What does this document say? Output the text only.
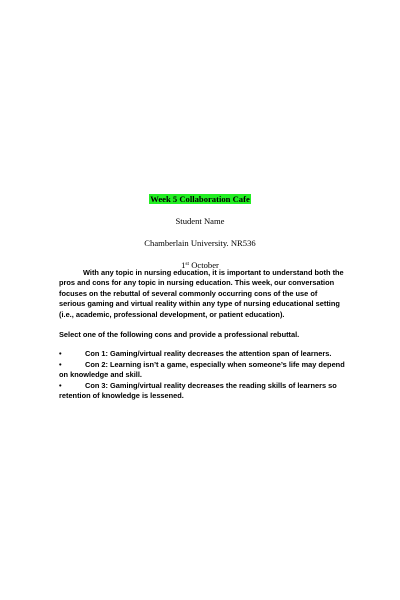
Week 5 Collaboration Cafe
Student Name
Chamberlain University. NR536
1st October

With any topic in nursing education, it is important to understand both the pros and cons for any topic in nursing education. This week, our conversation focuses on the rebuttal of several commonly occurring cons of the use of serious gaming and virtual reality within any type of nursing educational setting (i.e., academic, professional development, or patient education).

Select one of the following cons and provide a professional rebuttal.

•	Con 1: Gaming/virtual reality decreases the attention span of learners.
•	Con 2: Learning isn’t a game, especially when someone’s life may depend on knowledge and skill.
•	Con 3: Gaming/virtual reality decreases the reading skills of learners so retention of knowledge is lessened.
